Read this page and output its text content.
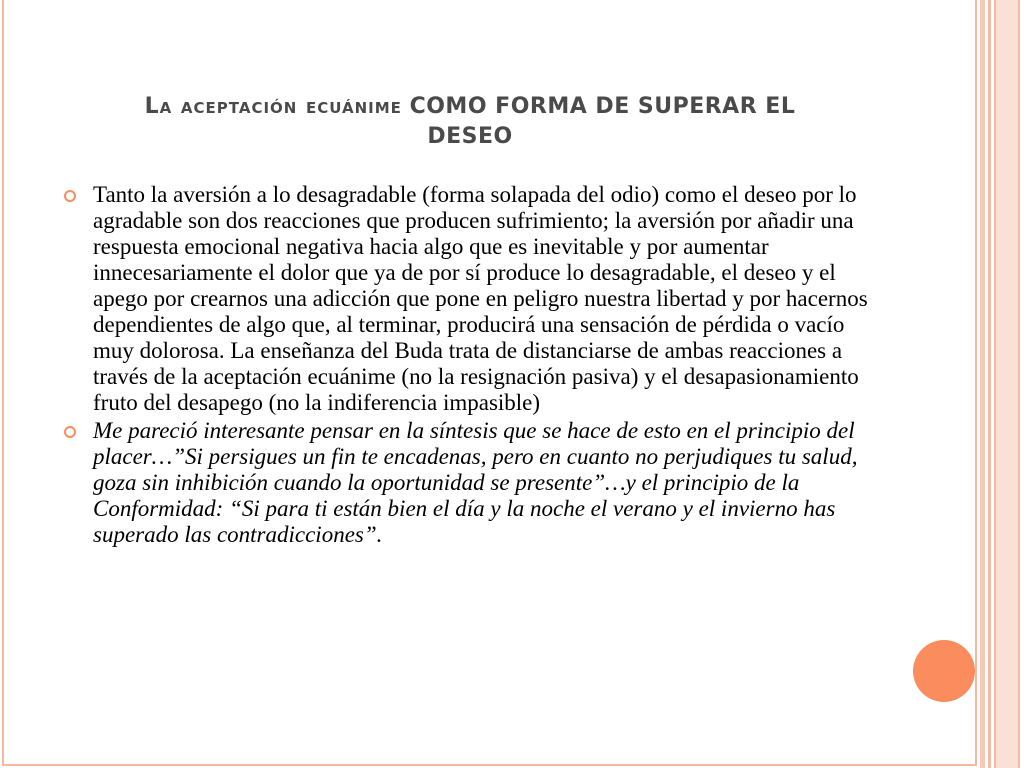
La aceptación ecuánime COMO FORMA DE SUPERAR EL
DESEO
Tanto la aversión a lo desagradable (forma solapada del odio) como el deseo por lo agradable son dos reacciones que producen sufrimiento; la aversión por añadir una respuesta emocional negativa hacia algo que es inevitable y por aumentar innecesariamente el dolor que ya de por sí produce lo desagradable, el deseo y el apego por crearnos una adicción que pone en peligro nuestra libertad y por hacernos dependientes de algo que, al terminar, producirá una sensación de pérdida o vacío muy dolorosa. La enseñanza del Buda trata de distanciarse de ambas reacciones a través de la aceptación ecuánime (no la resignación pasiva) y el desapasionamiento fruto del desapego (no la indiferencia impasible)
Me pareció interesante pensar en la síntesis que se hace de esto en el principio del placer…”Si persigues un fin te encadenas, pero en cuanto no perjudiques tu salud, goza sin inhibición cuando la oportunidad se presente”…y el principio de la Conformidad: “Si para ti están bien el día y la noche el verano y el invierno has superado las contradicciones”.
